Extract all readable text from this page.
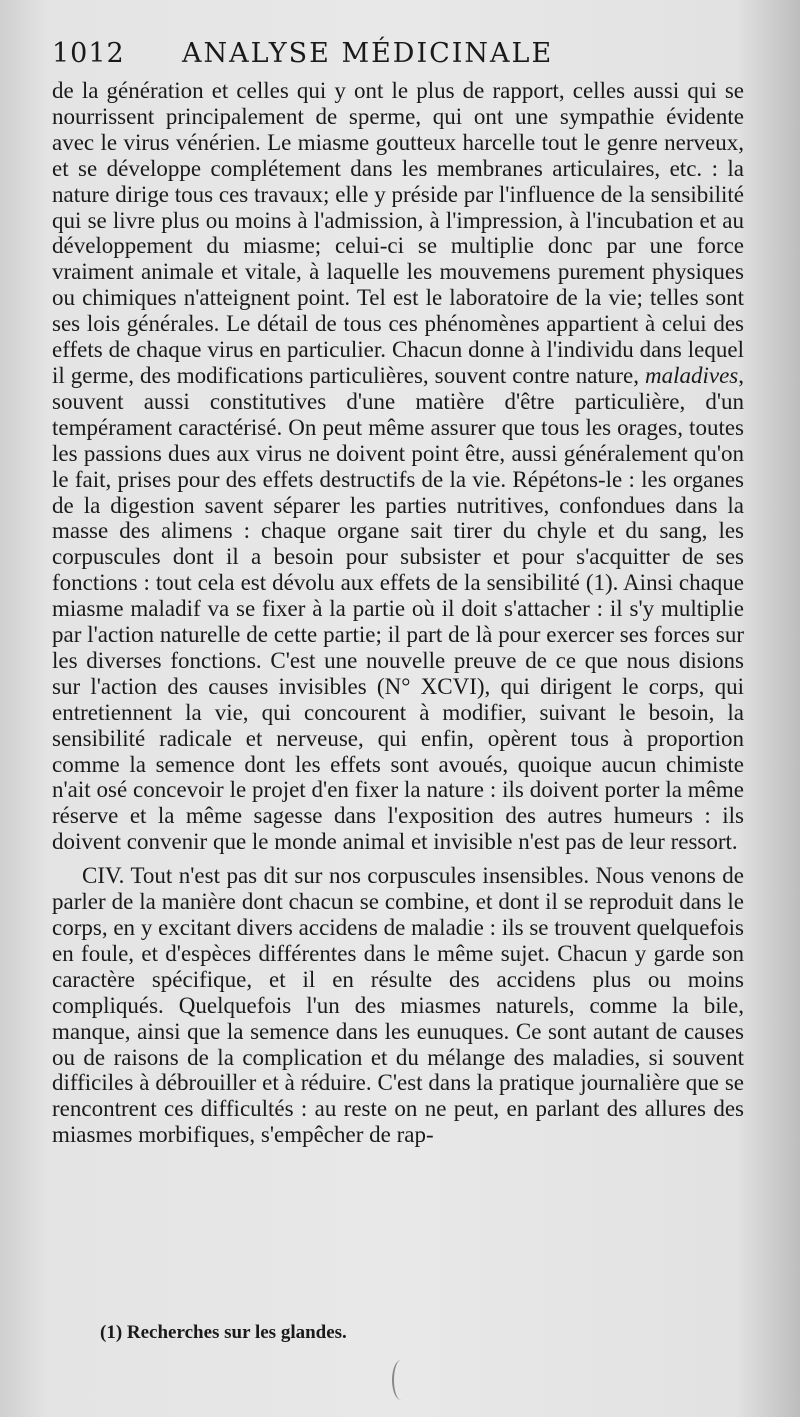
1012	ANALYSE MÉDICINALE

de la génération et celles qui y ont le plus de rapport, celles aussi qui se nourrissent principalement de sperme, qui ont une sympathie évidente avec le virus vénérien. Le miasme goutteux harcelle tout le genre nerveux, et se développe complétement dans les membranes articulaires, etc. : la nature dirige tous ces travaux; elle y préside par l'influence de la sensibilité qui se livre plus ou moins à l'admission, à l'impression, à l'incubation et au développement du miasme; celui-ci se multiplie donc par une force vraiment animale et vitale, à laquelle les mouvemens purement physiques ou chimiques n'atteignent point. Tel est le laboratoire de la vie; telles sont ses lois générales. Le détail de tous ces phénomènes appartient à celui des effets de chaque virus en particulier. Chacun donne à l'individu dans lequel il germe, des modifications particulières, souvent contre nature, maladives, souvent aussi constitutives d'une matière d'être particulière, d'un tempérament caractérisé. On peut même assurer que tous les orages, toutes les passions dues aux virus ne doivent point être, aussi généralement qu'on le fait, prises pour des effets destructifs de la vie. Répétons-le : les organes de la digestion savent séparer les parties nutritives, confondues dans la masse des alimens : chaque organe sait tirer du chyle et du sang, les corpuscules dont il a besoin pour subsister et pour s'acquitter de ses fonctions : tout cela est dévolu aux effets de la sensibilité (1). Ainsi chaque miasme maladif va se fixer à la partie où il doit s'attacher : il s'y multiplie par l'action naturelle de cette partie; il part de là pour exercer ses forces sur les diverses fonctions. C'est une nouvelle preuve de ce que nous disions sur l'action des causes invisibles (N° XCVI), qui dirigent le corps, qui entretiennent la vie, qui concourent à modifier, suivant le besoin, la sensibilité radicale et nerveuse, qui enfin, opèrent tous à proportion comme la semence dont les effets sont avoués, quoique aucun chimiste n'ait osé concevoir le projet d'en fixer la nature : ils doivent porter la même réserve et la même sagesse dans l'exposition des autres humeurs : ils doivent convenir que le monde animal et invisible n'est pas de leur ressort.

CIV. Tout n'est pas dit sur nos corpuscules insensibles. Nous venons de parler de la manière dont chacun se combine, et dont il se reproduit dans le corps, en y excitant divers accidens de maladie : ils se trouvent quelquefois en foule, et d'espèces différentes dans le même sujet. Chacun y garde son caractère spécifique, et il en résulte des accidens plus ou moins compliqués. Quelquefois l'un des miasmes naturels, comme la bile, manque, ainsi que la semence dans les eunuques. Ce sont autant de causes ou de raisons de la complication et du mélange des maladies, si souvent difficiles à débrouiller et à réduire. C'est dans la pratique journalière que se rencontrent ces difficultés : au reste on ne peut, en parlant des allures des miasmes morbifiques, s'empêcher de rap-

(1) Recherches sur les glandes.
